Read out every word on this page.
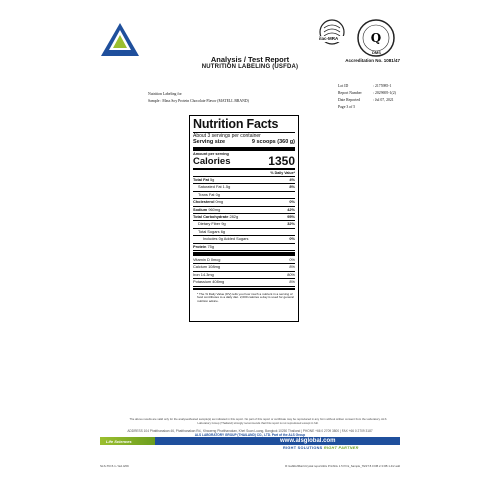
ALS
ilac-MRA	Q
DMS
Accreditation No. 1081/47
Analysis / Test Report
NUTRITION LABELING (USFDA)
Lot ID	: 2175985-1
Report Number	: 2029695-1(2)
Date Reported	: Jul 07, 2021
Page 3 of 5
Nutrition Labeling for
Sample : Mass Soy Protein Chocolate Flavor (MATELL BRAND)
Nutrition Facts
About 3 servings per container
Serving size	9 scoops (360 g)
Amount per serving
Calories	1350
% Daily Value*
Total Fat 5g	4%
Saturated Fat 1.5g	8%
Trans Fat 0g
Cholesterol 0mg	0%
Sodium 960mg	42%
Total Carbohydrate 282g	95%
Dietary Fiber 9g	32%
Total Sugars 6g
Includes 0g Added Sugars	0%
Protein 75g
Vitamin D 0mcg	0%
Calcium 108mg	8%
Iron 14.3mg	80%
Potassium 408mg	8%
* The % Daily Value (DV) tells you how much a nutrient in a serving of food contributes to a daily diet. 2,000 calories a day is used for general nutrition advice.
The above results are valid only for the analysed/tested sample(s) as indicated in this report. No part of this report or certificate may be reproduced in any form without written consent from the Laboratory. ALS Laboratory Group (Thailand) strongly recommends that this report is not reproduced except in full.
ADDRESS 104 Phatthanakan 46, Phatthanakan Rd., Khwaeng Phatthanakan, Khet Suan Luang, Bangkok 10250 Thailand | PHONE +66 0 2709 3800 | FAX +66 0 2709 3187
ALS LABORATORY GROUP (THAILAND) CO., LTD. Part of the ALS Group
Life Sciences	www.alsglobal.com
RIGHT SOLUTIONS RIGHT PARTNER
SLS-TR-5.1 / Ed.4/09	R:\LabRefMain\Crystal reports\Re Print\Nu 1.5 Print_Sample_TEST 8.0 DB 2.3 DB 1.4/2 add
